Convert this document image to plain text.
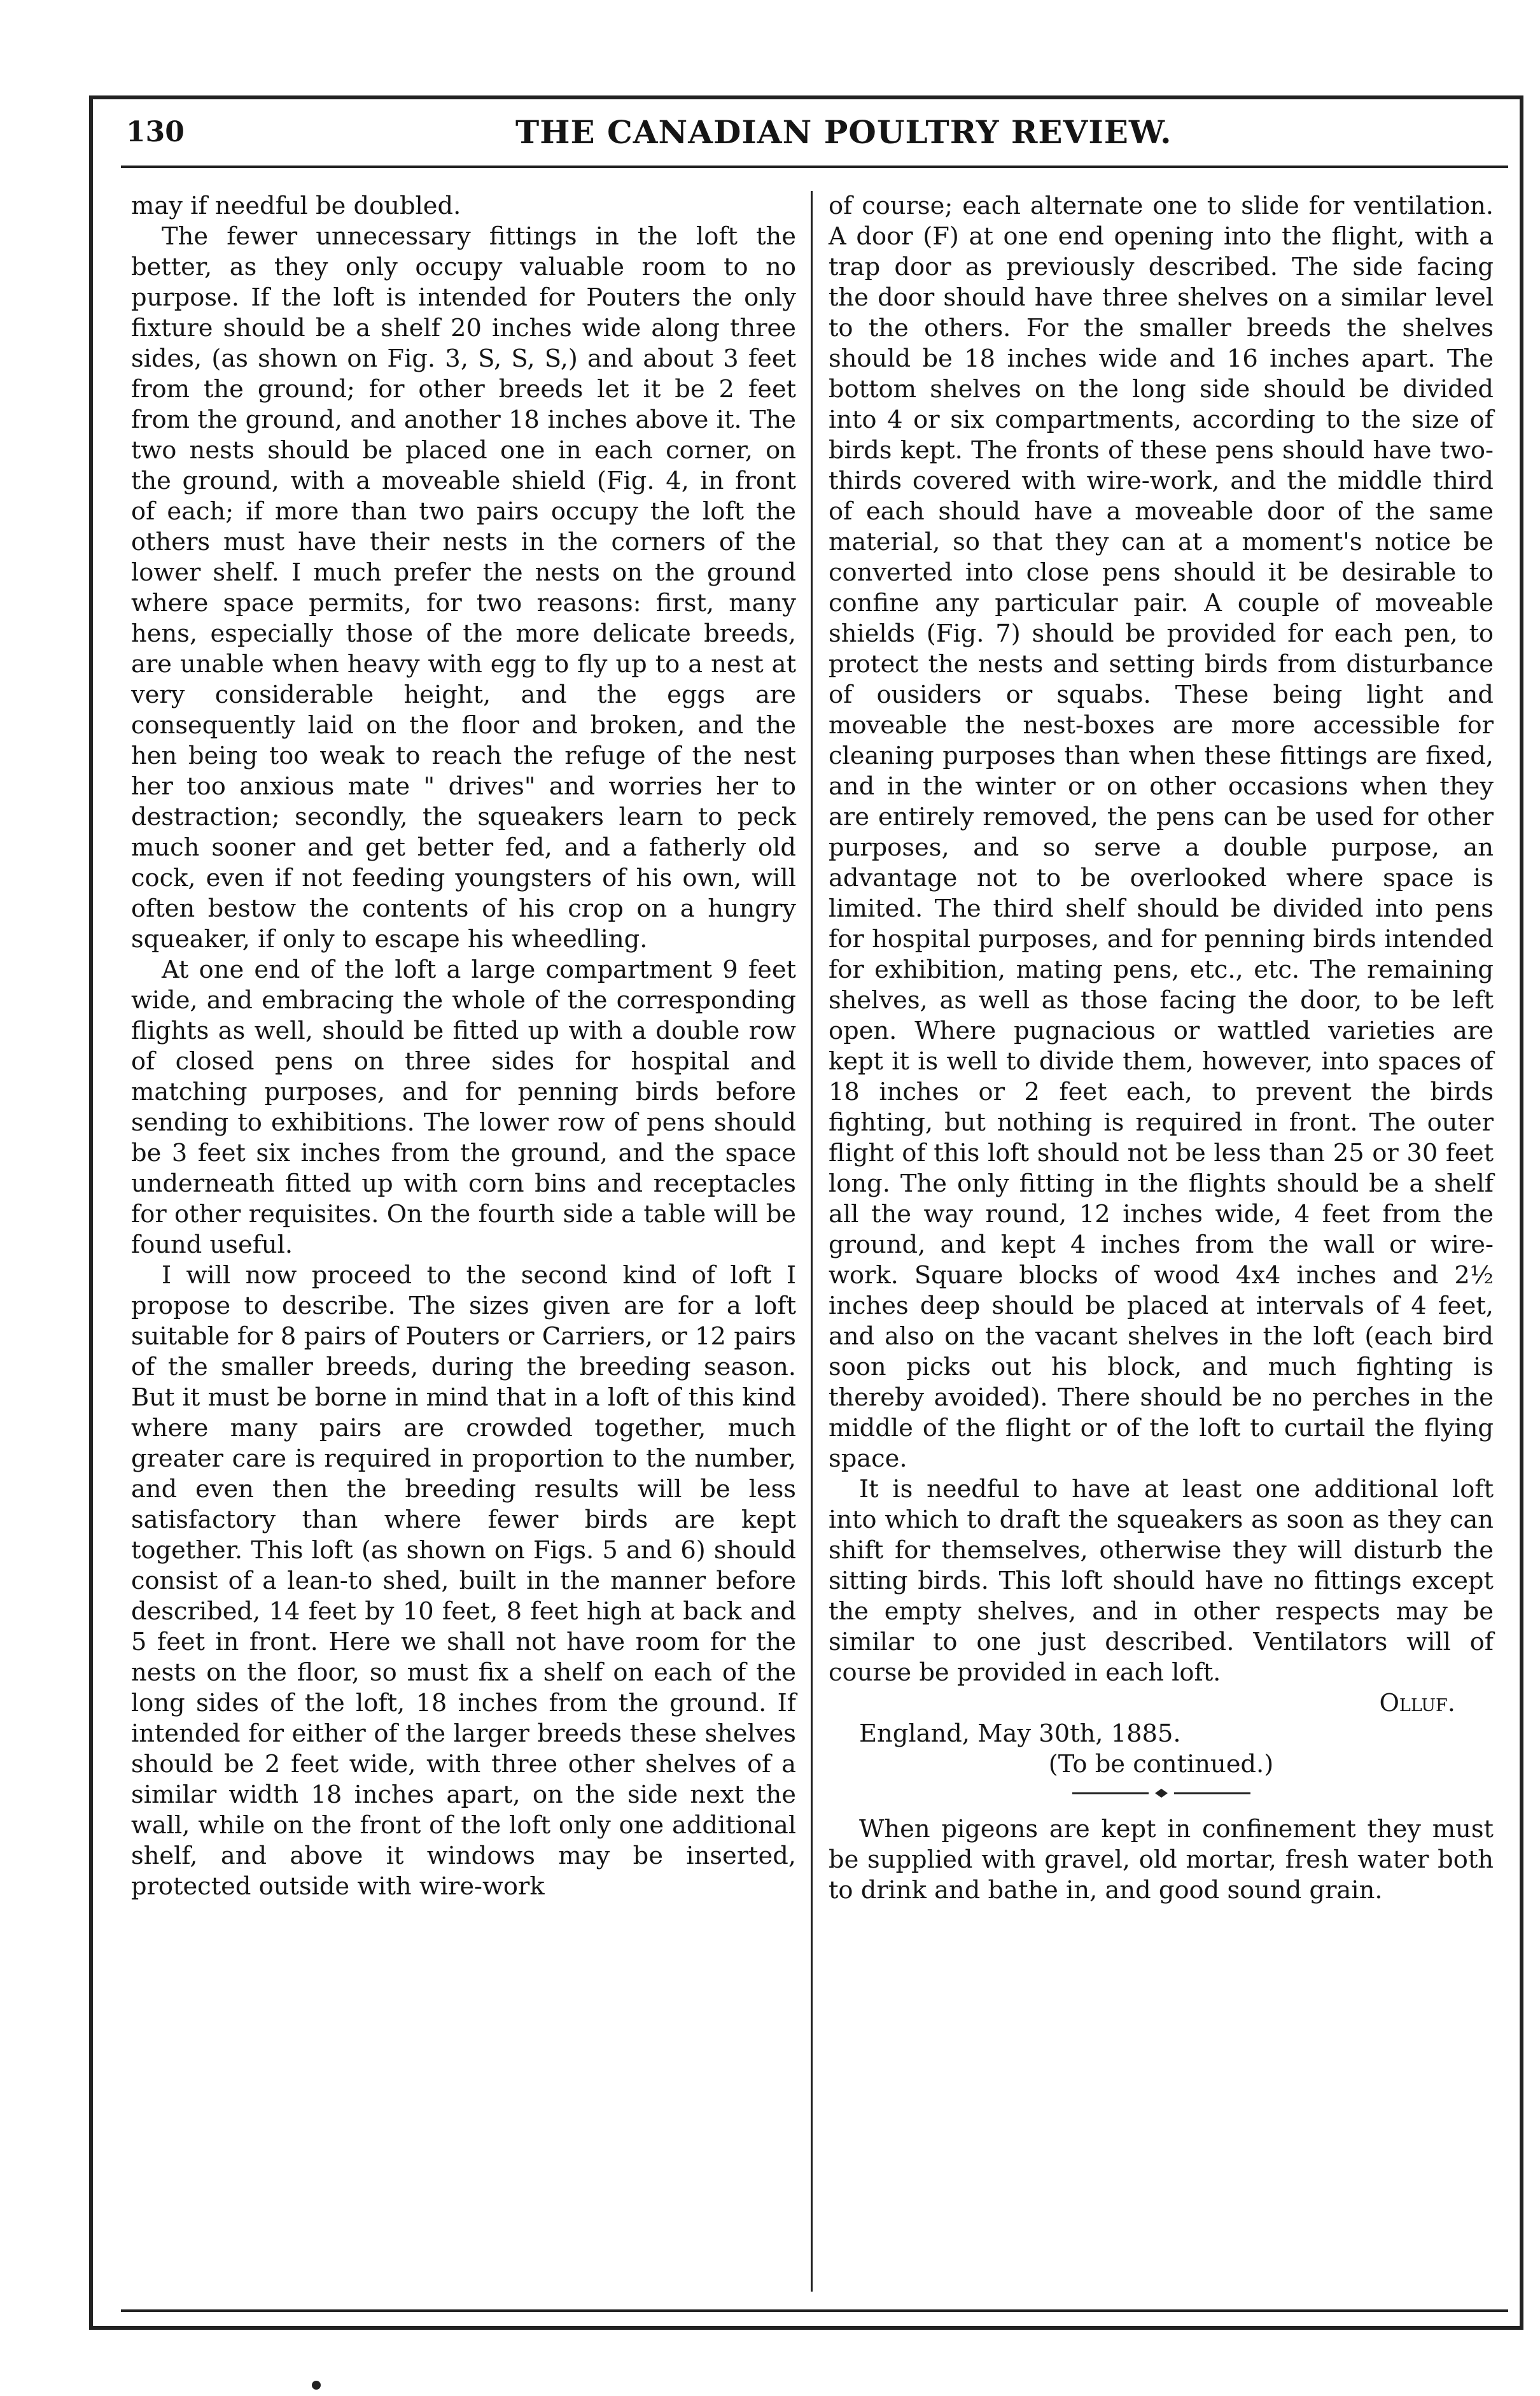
130	THE CANADIAN POULTRY REVIEW.

may if needful be doubled.

The fewer unnecessary fittings in the loft the better, as they only occupy valuable room to no purpose. If the loft is intended for Pouters the only fixture should be a shelf 20 inches wide along three sides, (as shown on Fig. 3, S, S, S,) and about 3 feet from the ground; for other breeds let it be 2 feet from the ground, and another 18 inches above it. The two nests should be placed one in each corner, on the ground, with a moveable shield (Fig. 4, in front of each; if more than two pairs occupy the loft the others must have their nests in the corners of the lower shelf. I much prefer the nests on the ground where space permits, for two reasons: first, many hens, especially those of the more delicate breeds, are unable when heavy with egg to fly up to a nest at very considerable height, and the eggs are consequently laid on the floor and broken, and the hen being too weak to reach the refuge of the nest her too anxious mate " drives" and worries her to destraction; secondly, the squeakers learn to peck much sooner and get better fed, and a fatherly old cock, even if not feeding youngsters of his own, will often bestow the contents of his crop on a hungry squeaker, if only to escape his wheedling.

At one end of the loft a large compartment 9 feet wide, and embracing the whole of the corresponding flights as well, should be fitted up with a double row of closed pens on three sides for hospital and matching purposes, and for penning birds before sending to exhibitions. The lower row of pens should be 3 feet six inches from the ground, and the space underneath fitted up with corn bins and receptacles for other requisites. On the fourth side a table will be found useful.

I will now proceed to the second kind of loft I propose to describe. The sizes given are for a loft suitable for 8 pairs of Pouters or Carriers, or 12 pairs of the smaller breeds, during the breeding season. But it must be borne in mind that in a loft of this kind where many pairs are crowded together, much greater care is required in proportion to the number, and even then the breeding results will be less satisfactory than where fewer birds are kept together. This loft (as shown on Figs. 5 and 6) should consist of a lean-to shed, built in the manner before described, 14 feet by 10 feet, 8 feet high at back and 5 feet in front. Here we shall not have room for the nests on the floor, so must fix a shelf on each of the long sides of the loft, 18 inches from the ground. If intended for either of the larger breeds these shelves should be 2 feet wide, with three other shelves of a similar width 18 inches apart, on the side next the wall, while on the front of the loft only one additional shelf, and above it windows may be inserted, protected outside with wire-work

of course; each alternate one to slide for ventilation. A door (F) at one end opening into the flight, with a trap door as previously described. The side facing the door should have three shelves on a similar level to the others. For the smaller breeds the shelves should be 18 inches wide and 16 inches apart. The bottom shelves on the long side should be divided into 4 or six compartments, according to the size of birds kept. The fronts of these pens should have two-thirds covered with wire-work, and the middle third of each should have a moveable door of the same material, so that they can at a moment's notice be converted into close pens should it be desirable to confine any particular pair. A couple of moveable shields (Fig. 7) should be provided for each pen, to protect the nests and setting birds from disturbance of ousiders or squabs. These being light and moveable the nest-boxes are more accessible for cleaning purposes than when these fittings are fixed, and in the winter or on other occasions when they are entirely removed, the pens can be used for other purposes, and so serve a double purpose, an advantage not to be overlooked where space is limited. The third shelf should be divided into pens for hospital purposes, and for penning birds intended for exhibition, mating pens, etc., etc. The remaining shelves, as well as those facing the door, to be left open. Where pugnacious or wattled varieties are kept it is well to divide them, however, into spaces of 18 inches or 2 feet each, to prevent the birds fighting, but nothing is required in front. The outer flight of this loft should not be less than 25 or 30 feet long. The only fitting in the flights should be a shelf all the way round, 12 inches wide, 4 feet from the ground, and kept 4 inches from the wall or wire-work. Square blocks of wood 4x4 inches and 2½ inches deep should be placed at intervals of 4 feet, and also on the vacant shelves in the loft (each bird soon picks out his block, and much fighting is thereby avoided). There should be no perches in the middle of the flight or of the loft to curtail the flying space.

It is needful to have at least one additional loft into which to draft the squeakers as soon as they can shift for themselves, otherwise they will disturb the sitting birds. This loft should have no fittings except the empty shelves, and in other respects may be similar to one just described. Ventilators will of course be provided in each loft.

Olluf.

England, May 30th, 1885.

(To be continued.)

When pigeons are kept in confinement they must be supplied with gravel, old mortar, fresh water both to drink and bathe in, and good sound grain.
